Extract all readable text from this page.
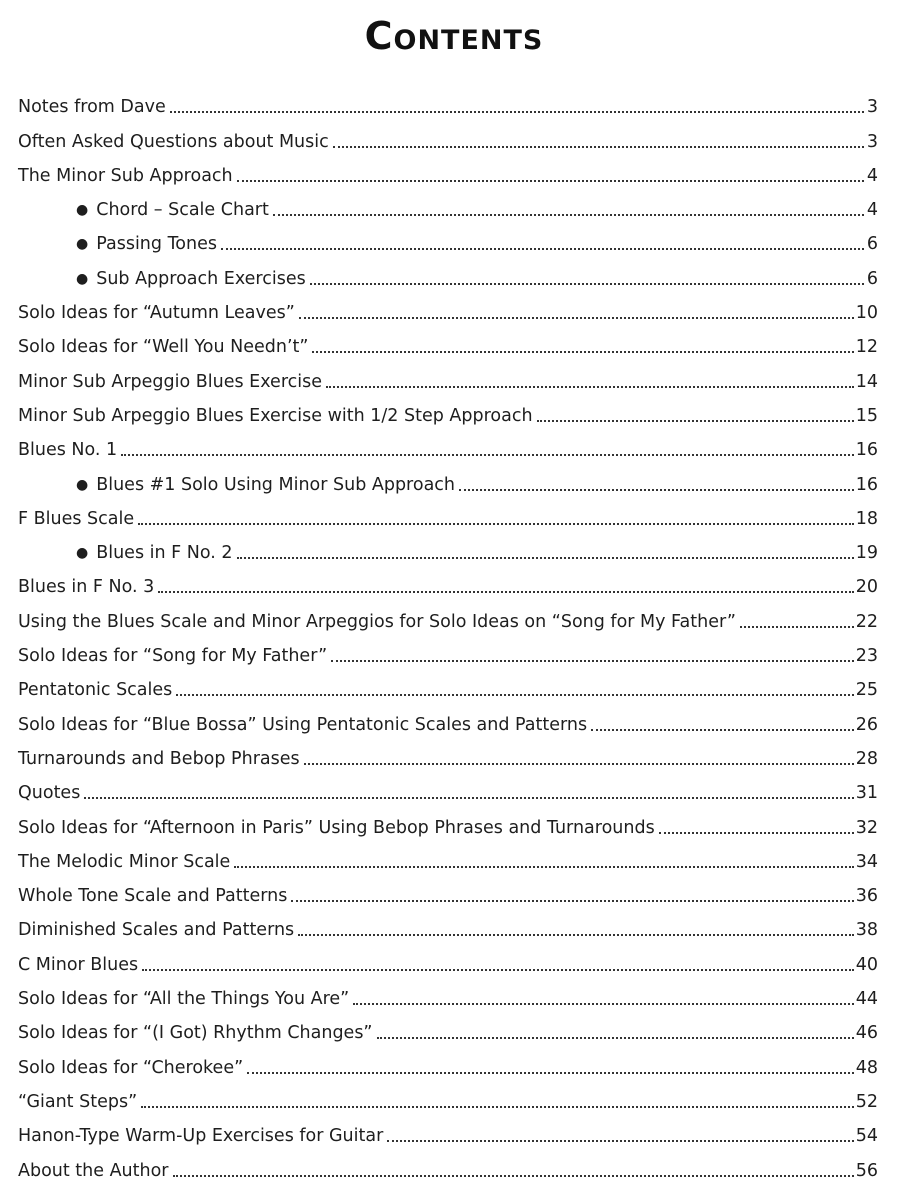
Contents
Notes from Dave	3
Often Asked Questions about Music	3
The Minor Sub Approach	4
● Chord – Scale Chart	4
● Passing Tones	6
● Sub Approach Exercises	6
Solo Ideas for “Autumn Leaves”	10
Solo Ideas for “Well You Needn’t”	12
Minor Sub Arpeggio Blues Exercise	14
Minor Sub Arpeggio Blues Exercise with 1/2 Step Approach	15
Blues No. 1	16
● Blues #1 Solo Using Minor Sub Approach	16
F Blues Scale	18
● Blues in F No. 2	19
Blues in F No. 3	20
Using the Blues Scale and Minor Arpeggios for Solo Ideas on “Song for My Father”	22
Solo Ideas for “Song for My Father”	23
Pentatonic Scales	25
Solo Ideas for “Blue Bossa” Using Pentatonic Scales and Patterns	26
Turnarounds and Bebop Phrases	28
Quotes	31
Solo Ideas for “Afternoon in Paris” Using Bebop Phrases and Turnarounds	32
The Melodic Minor Scale	34
Whole Tone Scale and Patterns	36
Diminished Scales and Patterns	38
C Minor Blues	40
Solo Ideas for “All the Things You Are”	44
Solo Ideas for “(I Got) Rhythm Changes”	46
Solo Ideas for “Cherokee”	48
“Giant Steps”	52
Hanon-Type Warm-Up Exercises for Guitar	54
About the Author	56
